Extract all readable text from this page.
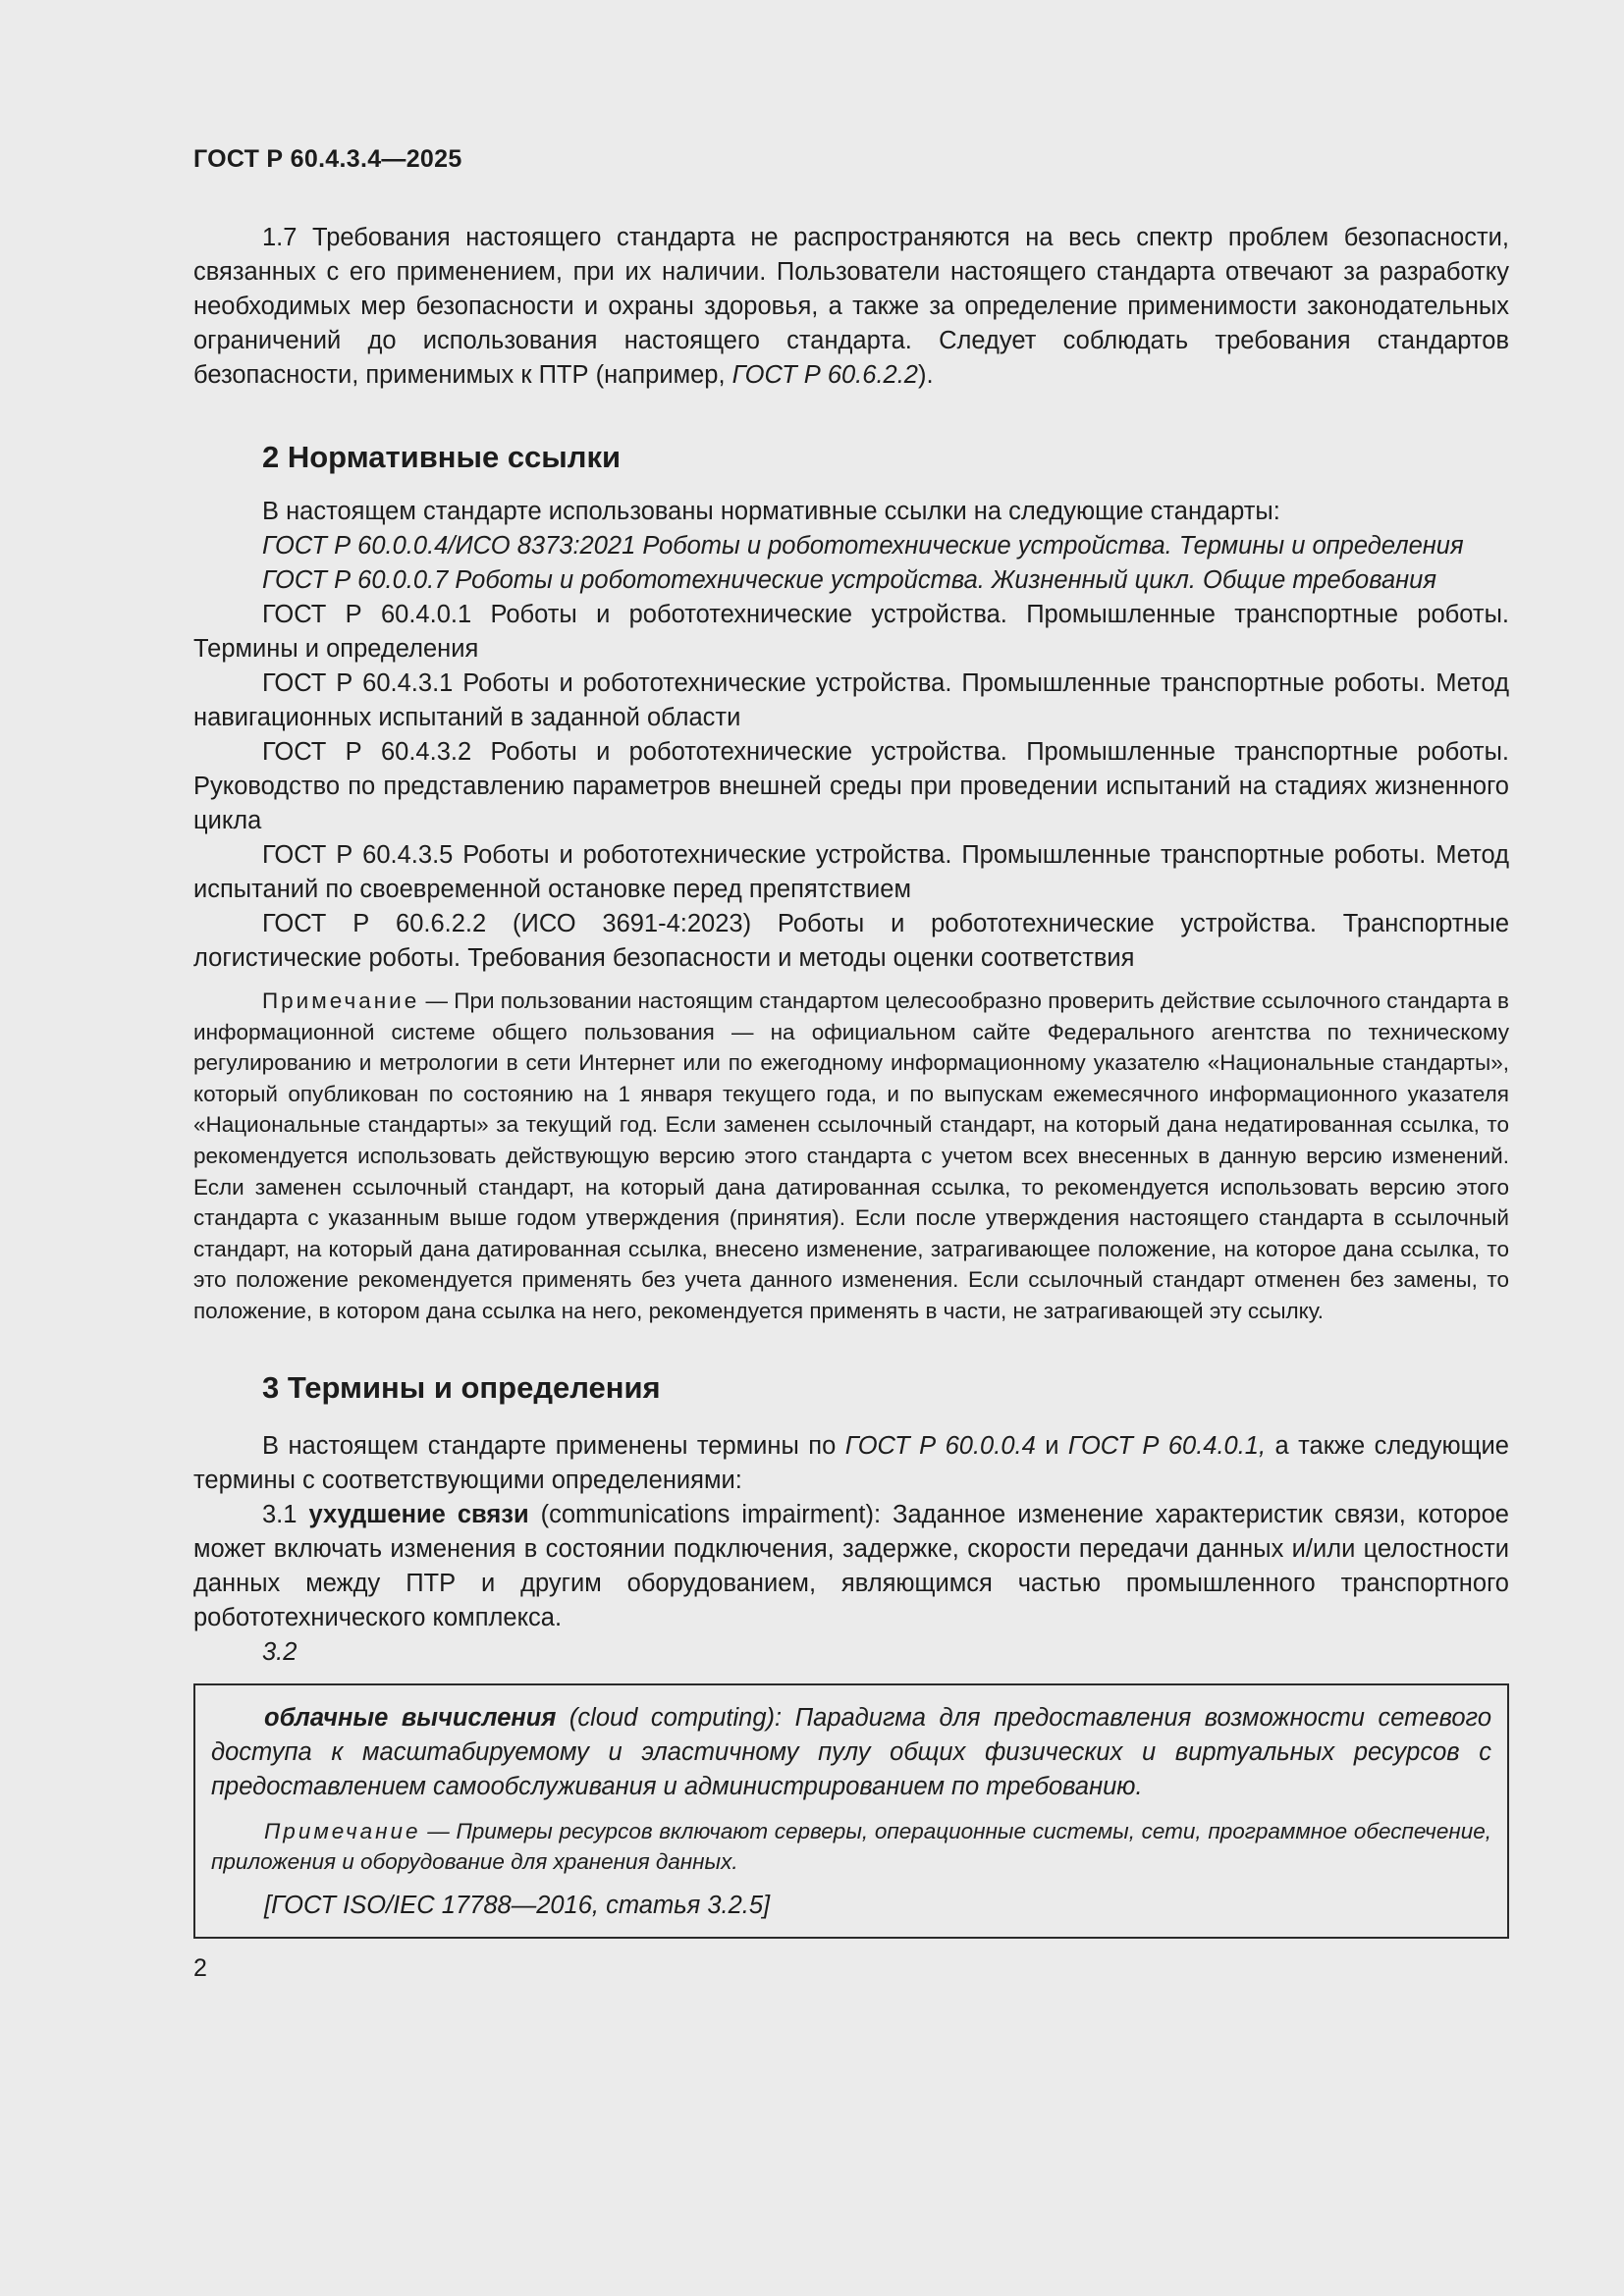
ГОСТ Р 60.4.3.4—2025

1.7 Требования настоящего стандарта не распространяются на весь спектр проблем безопасности, связанных с его применением, при их наличии. Пользователи настоящего стандарта отвечают за разработку необходимых мер безопасности и охраны здоровья, а также за определение применимости законодательных ограничений до использования настоящего стандарта. Следует соблюдать требования стандартов безопасности, применимых к ПТР (например, ГОСТ Р 60.6.2.2).

2 Нормативные ссылки

В настоящем стандарте использованы нормативные ссылки на следующие стандарты:

ГОСТ Р 60.0.0.4/ИСО 8373:2021 Роботы и робототехнические устройства. Термины и определения

ГОСТ Р 60.0.0.7 Роботы и робототехнические устройства. Жизненный цикл. Общие требования

ГОСТ Р 60.4.0.1 Роботы и робототехнические устройства. Промышленные транспортные роботы. Термины и определения

ГОСТ Р 60.4.3.1 Роботы и робототехнические устройства. Промышленные транспортные роботы. Метод навигационных испытаний в заданной области

ГОСТ Р 60.4.3.2 Роботы и робототехнические устройства. Промышленные транспортные роботы. Руководство по представлению параметров внешней среды при проведении испытаний на стадиях жизненного цикла

ГОСТ Р 60.4.3.5 Роботы и робототехнические устройства. Промышленные транспортные роботы. Метод испытаний по своевременной остановке перед препятствием

ГОСТ Р 60.6.2.2 (ИСО 3691-4:2023) Роботы и робототехнические устройства. Транспортные логистические роботы. Требования безопасности и методы оценки соответствия

Примечание — При пользовании настоящим стандартом целесообразно проверить действие ссылочного стандарта в информационной системе общего пользования — на официальном сайте Федерального агентства по техническому регулированию и метрологии в сети Интернет или по ежегодному информационному указателю «Национальные стандарты», который опубликован по состоянию на 1 января текущего года, и по выпускам ежемесячного информационного указателя «Национальные стандарты» за текущий год. Если заменен ссылочный стандарт, на который дана недатированная ссылка, то рекомендуется использовать действующую версию этого стандарта с учетом всех внесенных в данную версию изменений. Если заменен ссылочный стандарт, на который дана датированная ссылка, то рекомендуется использовать версию этого стандарта с указанным выше годом утверждения (принятия). Если после утверждения настоящего стандарта в ссылочный стандарт, на который дана датированная ссылка, внесено изменение, затрагивающее положение, на которое дана ссылка, то это положение рекомендуется применять без учета данного изменения. Если ссылочный стандарт отменен без замены, то положение, в котором дана ссылка на него, рекомендуется применять в части, не затрагивающей эту ссылку.

3 Термины и определения

В настоящем стандарте применены термины по ГОСТ Р 60.0.0.4 и ГОСТ Р 60.4.0.1, а также следующие термины с соответствующими определениями:

3.1 ухудшение связи (communications impairment): Заданное изменение характеристик связи, которое может включать изменения в состоянии подключения, задержке, скорости передачи данных и/или целостности данных между ПТР и другим оборудованием, являющимся частью промышленного транспортного робототехнического комплекса.

3.2

облачные вычисления (cloud computing): Парадигма для предоставления возможности сетевого доступа к масштабируемому и эластичному пулу общих физических и виртуальных ресурсов с предоставлением самообслуживания и администрированием по требованию.

Примечание — Примеры ресурсов включают серверы, операционные системы, сети, программное обеспечение, приложения и оборудование для хранения данных.

[ГОСТ ISO/IEC 17788—2016, статья 3.2.5]

2
